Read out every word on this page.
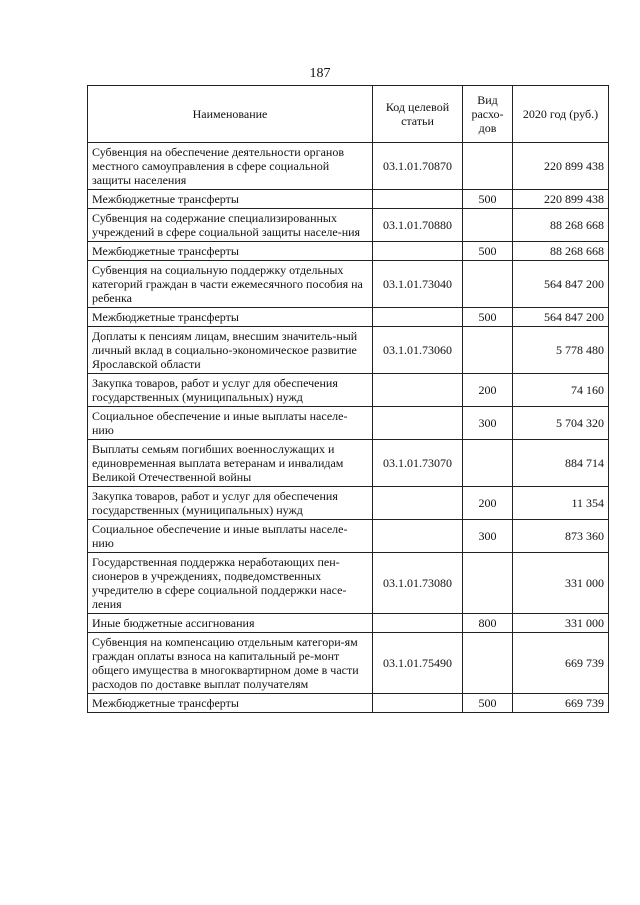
187
Наименование	Код целевой статьи	Вид расхо-дов	2020 год (руб.)
Субвенция на обеспечение деятельности органов местного самоуправления в сфере социальной защиты населения	03.1.01.70870		220 899 438
Межбюджетные трансферты		500	220 899 438
Субвенция на содержание специализированных учреждений в сфере социальной защиты населе-ния	03.1.01.70880		88 268 668
Межбюджетные трансферты		500	88 268 668
Субвенция на социальную поддержку отдельных категорий граждан в части ежемесячного пособия на ребенка	03.1.01.73040		564 847 200
Межбюджетные трансферты		500	564 847 200
Доплаты к пенсиям лицам, внесшим значитель-ный личный вклад в социально-экономическое развитие Ярославской области	03.1.01.73060		5 778 480
Закупка товаров, работ и услуг для обеспечения государственных (муниципальных) нужд		200	74 160
Социальное обеспечение и иные выплаты населе-нию		300	5 704 320
Выплаты семьям погибших военнослужащих и единовременная выплата ветеранам и инвалидам Великой Отечественной войны	03.1.01.73070		884 714
Закупка товаров, работ и услуг для обеспечения государственных (муниципальных) нужд		200	11 354
Социальное обеспечение и иные выплаты населе-нию		300	873 360
Государственная поддержка неработающих пен-сионеров в учреждениях, подведомственных учредителю в сфере социальной поддержки насе-ления	03.1.01.73080		331 000
Иные бюджетные ассигнования		800	331 000
Субвенция на компенсацию отдельным категори-ям граждан оплаты взноса на капитальный ре-монт общего имущества в многоквартирном доме в части расходов по доставке выплат получателям	03.1.01.75490		669 739
Межбюджетные трансферты		500	669 739
